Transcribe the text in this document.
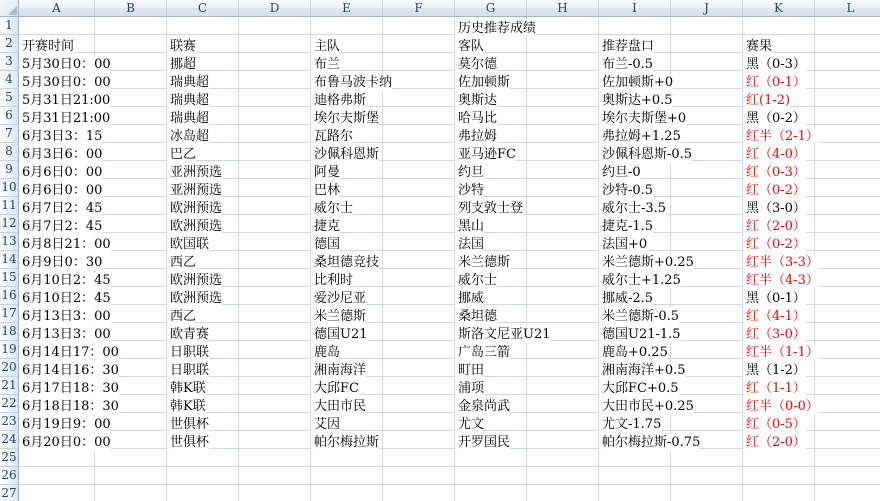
A	B	C	D	E	F	G	H	I	J	K	L
1
2
3
4
5
6
7
8
9
10
11
12
13
14
15
16
17
18
19
20
21
22
23
24
25
26
27
历史推荐成绩
开赛时间	联赛	主队	客队	推荐盘口	赛果
5月30日0：00	挪超	布兰	莫尔德	布兰-0.5	黑（0-3）
5月30日0：00	瑞典超	布鲁马波卡纳	佐加顿斯	佐加顿斯+0	红（0-1）
5月31日21:00	瑞典超	迪格弗斯	奥斯达	奥斯达+0.5	红(1-2)
5月31日21:00	瑞典超	埃尔夫斯堡	哈马比	埃尔夫斯堡+0	黑（0-2）
6月3日3：15	冰岛超	瓦路尔	弗拉姆	弗拉姆+1.25	红半（2-1）
6月3日6：00	巴乙	沙佩科恩斯	亚马逊FC	沙佩科恩斯-0.5	红（4-0）
6月6日0：00	亚洲预选	阿曼	约旦	约旦-0	红（0-3）
6月6日0：00	亚洲预选	巴林	沙特	沙特-0.5	红（0-2）
6月7日2：45	欧洲预选	威尔士	列支敦士登	威尔士-3.5	黑（3-0）
6月7日2：45	欧洲预选	捷克	黑山	捷克-1.5	红（2-0）
6月8日21：00	欧国联	德国	法国	法国+0	红（0-2）
6月9日0：30	西乙	桑坦德竞技	米兰德斯	米兰德斯+0.25	红半（3-3）
6月10日2：45	欧洲预选	比利时	威尔士	威尔士+1.25	红半（4-3）
6月10日2：45	欧洲预选	爱沙尼亚	挪威	挪威-2.5	黑（0-1）
6月13日3：00	西乙	米兰德斯	桑坦德	米兰德斯-0.5	红（4-1）
6月13日3：00	欧青赛	德国U21	斯洛文尼亚U21	德国U21-1.5	红（3-0）
6月14日17：00	日职联	鹿岛	广岛三箭	鹿岛+0.25	红半（1-1）
6月14日16：30	日职联	湘南海洋	町田	湘南海洋+0.5	黑（1-2）
6月17日18：30	韩K联	大邱FC	浦项	大邱FC+0.5	红（1-1）
6月18日18：30	韩K联	大田市民	金泉尚武	大田市民+0.25	红半（0-0）
6月19日9：00	世俱杯	艾因	尤文	尤文-1.75	红（0-5）
6月20日0：00	世俱杯	帕尔梅拉斯	开罗国民	帕尔梅拉斯-0.75	红（2-0）
